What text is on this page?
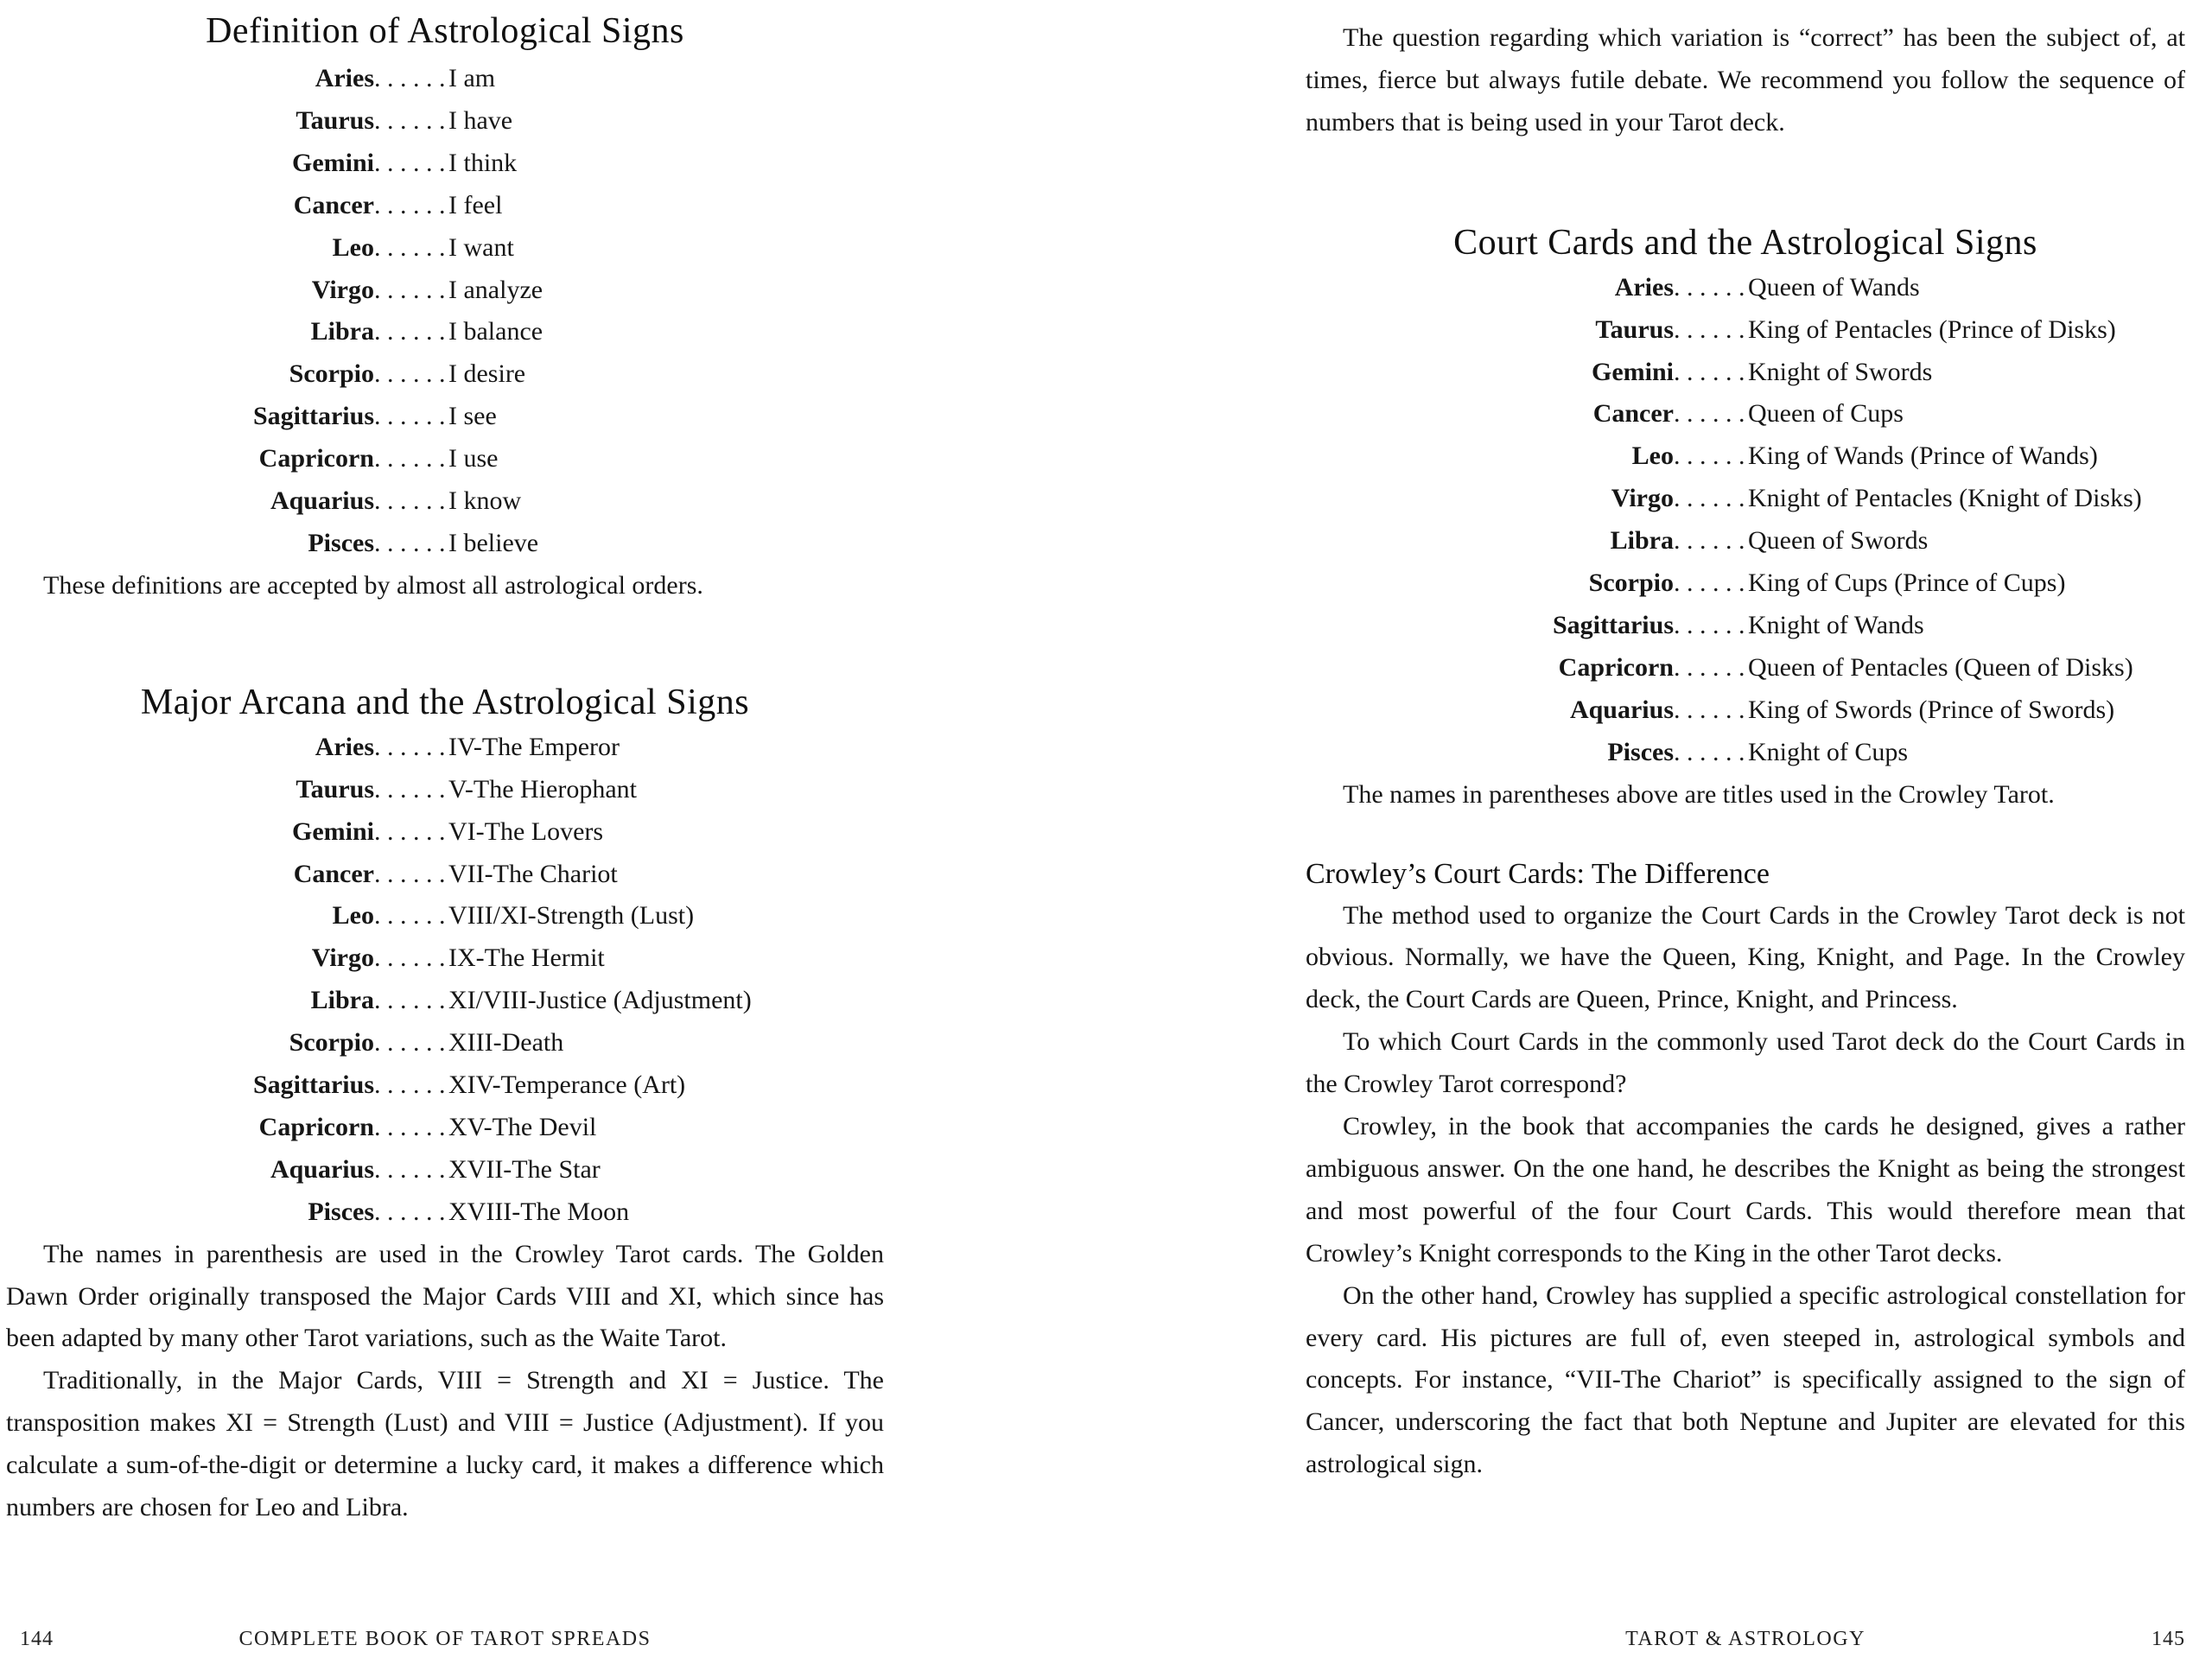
Definition of Astrological Signs
Aries . . . . . . I am
Taurus . . . . . . I have
Gemini . . . . . . I think
Cancer . . . . . . I feel
Leo . . . . . . I want
Virgo . . . . . . I analyze
Libra . . . . . . I balance
Scorpio . . . . . . I desire
Sagittarius . . . . . . I see
Capricorn . . . . . . I use
Aquarius . . . . . . I know
Pisces . . . . . . I believe

These definitions are accepted by almost all astrological orders.

Major Arcana and the Astrological Signs
Aries . . . . . . IV-The Emperor
Taurus . . . . . . V-The Hierophant
Gemini . . . . . . VI-The Lovers
Cancer . . . . . . VII-The Chariot
Leo . . . . . . VIII/XI-Strength (Lust)
Virgo . . . . . . IX-The Hermit
Libra . . . . . . XI/VIII-Justice (Adjustment)
Scorpio . . . . . . XIII-Death
Sagittarius . . . . . . XIV-Temperance (Art)
Capricorn . . . . . . XV-The Devil
Aquarius . . . . . . XVII-The Star
Pisces . . . . . . XVIII-The Moon

The names in parenthesis are used in the Crowley Tarot cards. The Golden Dawn Order originally transposed the Major Cards VIII and XI, which since has been adapted by many other Tarot variations, such as the Waite Tarot.

Traditionally, in the Major Cards, VIII = Strength and XI = Justice. The transposition makes XI = Strength (Lust) and VIII = Justice (Adjustment). If you calculate a sum-of-the-digit or determine a lucky card, it makes a difference which numbers are chosen for Leo and Libra.

The question regarding which variation is “correct” has been the subject of, at times, fierce but always futile debate. We recommend you follow the sequence of numbers that is being used in your Tarot deck.

Court Cards and the Astrological Signs
Aries . . . . . . Queen of Wands
Taurus . . . . . . King of Pentacles (Prince of Disks)
Gemini . . . . . . Knight of Swords
Cancer . . . . . . Queen of Cups
Leo . . . . . . King of Wands (Prince of Wands)
Virgo . . . . . . Knight of Pentacles (Knight of Disks)
Libra . . . . . . Queen of Swords
Scorpio . . . . . . King of Cups (Prince of Cups)
Sagittarius . . . . . . Knight of Wands
Capricorn . . . . . . Queen of Pentacles (Queen of Disks)
Aquarius . . . . . . King of Swords (Prince of Swords)
Pisces . . . . . . Knight of Cups

The names in parentheses above are titles used in the Crowley Tarot.

Crowley’s Court Cards: The Difference

The method used to organize the Court Cards in the Crowley Tarot deck is not obvious. Normally, we have the Queen, King, Knight, and Page. In the Crowley deck, the Court Cards are Queen, Prince, Knight, and Princess.

To which Court Cards in the commonly used Tarot deck do the Court Cards in the Crowley Tarot correspond?

Crowley, in the book that accompanies the cards he designed, gives a rather ambiguous answer. On the one hand, he describes the Knight as being the strongest and most powerful of the four Court Cards. This would therefore mean that Crowley’s Knight corresponds to the King in the other Tarot decks.

On the other hand, Crowley has supplied a specific astrological constellation for every card. His pictures are full of, even steeped in, astrological symbols and concepts. For instance, “VII-The Chariot” is specifically assigned to the sign of Cancer, underscoring the fact that both Neptune and Jupiter are elevated for this astrological sign.

144	COMPLETE BOOK OF TAROT SPREADS	TAROT & ASTROLOGY	145
